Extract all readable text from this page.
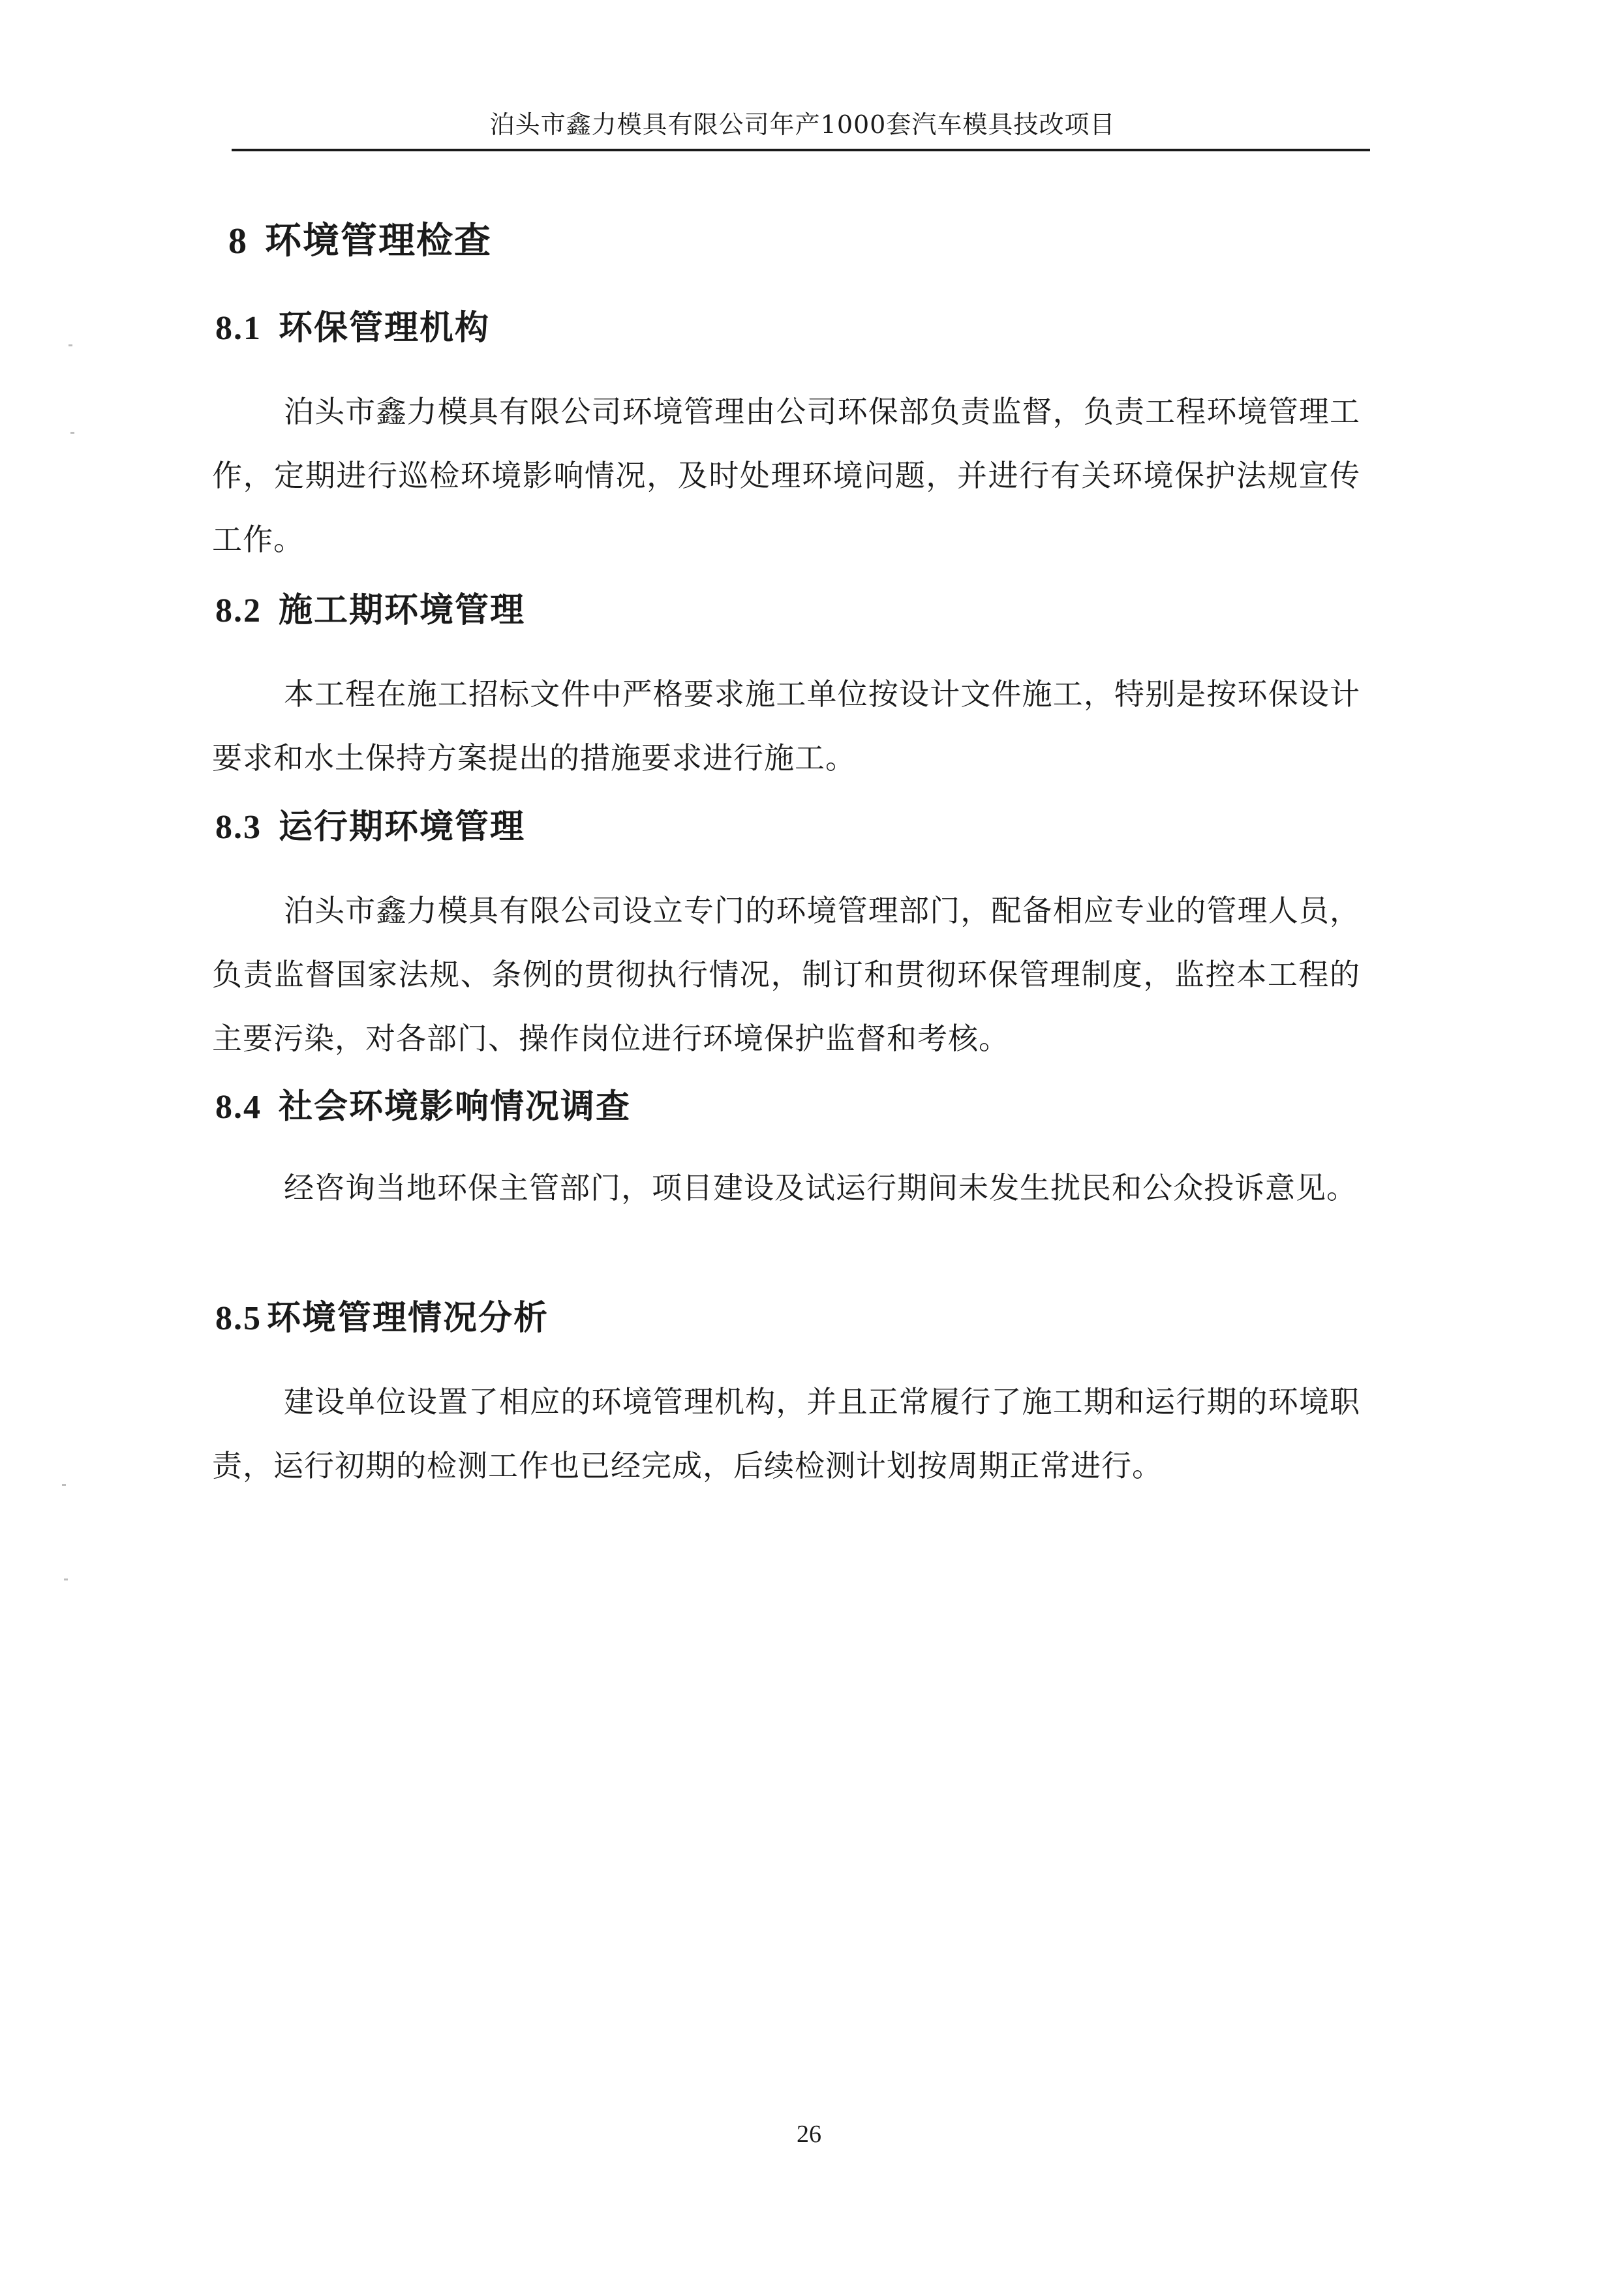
泊头市鑫力模具有限公司年产1000套汽车模具技改项目
8 环境管理检查
8.1 环保管理机构
泊头市鑫力模具有限公司环境管理由公司环保部负责监督，负责工程环境管理工作，定期进行巡检环境影响情况，及时处理环境问题，并进行有关环境保护法规宣传工作。
8.2 施工期环境管理
本工程在施工招标文件中严格要求施工单位按设计文件施工，特别是按环保设计要求和水土保持方案提出的措施要求进行施工。
8.3 运行期环境管理
泊头市鑫力模具有限公司设立专门的环境管理部门，配备相应专业的管理人员，负责监督国家法规、条例的贯彻执行情况，制订和贯彻环保管理制度，监控本工程的主要污染，对各部门、操作岗位进行环境保护监督和考核。
8.4 社会环境影响情况调查
经咨询当地环保主管部门，项目建设及试运行期间未发生扰民和公众投诉意见。
8.5 环境管理情况分析
建设单位设置了相应的环境管理机构，并且正常履行了施工期和运行期的环境职责，运行初期的检测工作也已经完成，后续检测计划按周期正常进行。
26
